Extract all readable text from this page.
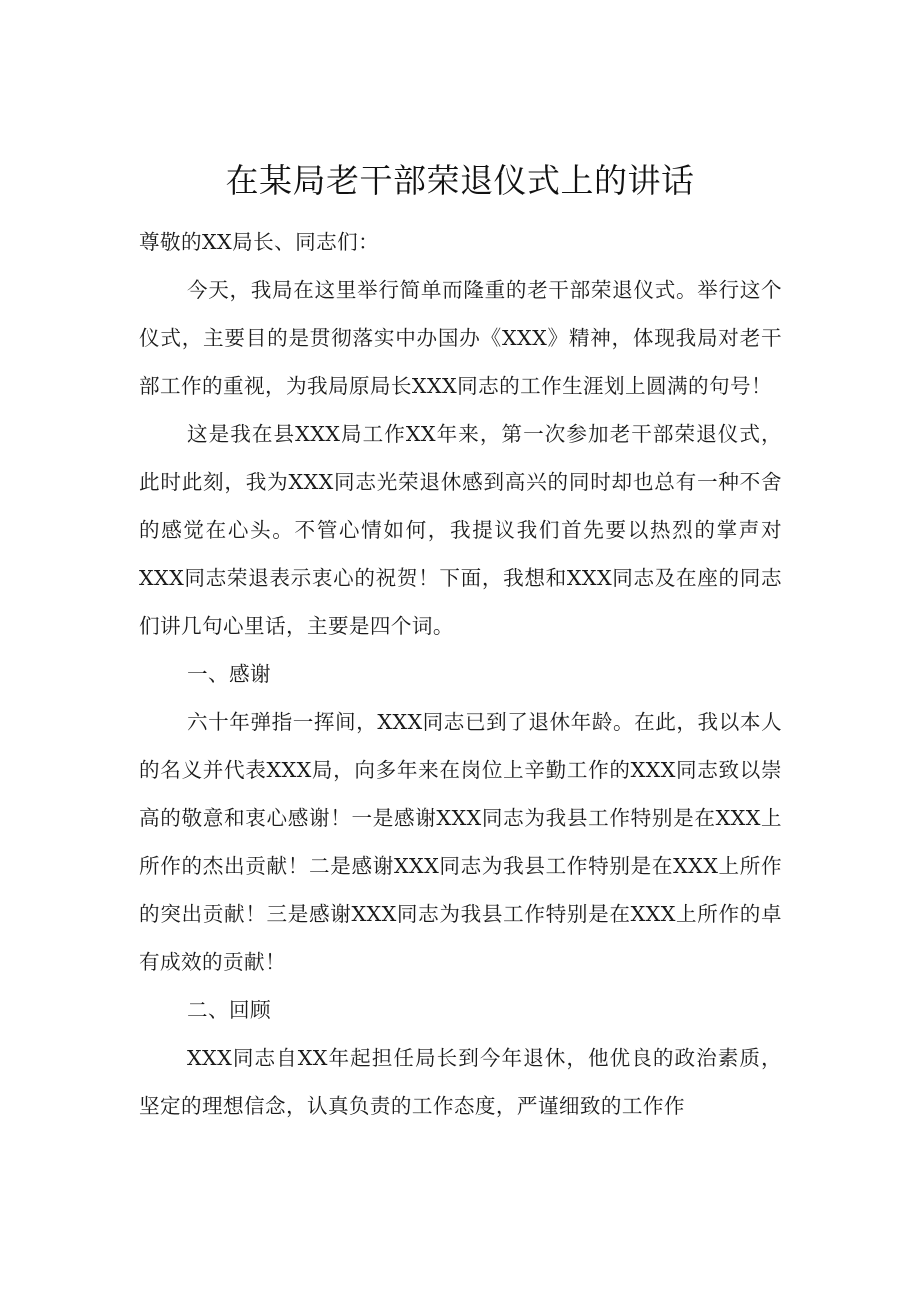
在某局老干部荣退仪式上的讲话

尊敬的XX局长、同志们：

今天，我局在这里举行简单而隆重的老干部荣退仪式。举行这个仪式，主要目的是贯彻落实中办国办《XXX》精神，体现我局对老干部工作的重视，为我局原局长XXX同志的工作生涯划上圆满的句号！

这是我在县XXX局工作XX年来，第一次参加老干部荣退仪式，此时此刻，我为XXX同志光荣退休感到高兴的同时却也总有一种不舍的感觉在心头。不管心情如何，我提议我们首先要以热烈的掌声对XXX同志荣退表示衷心的祝贺！下面，我想和XXX同志及在座的同志们讲几句心里话，主要是四个词。

一、感谢

六十年弹指一挥间，XXX同志已到了退休年龄。在此，我以本人的名义并代表XXX局，向多年来在岗位上辛勤工作的XXX同志致以崇高的敬意和衷心感谢！一是感谢XXX同志为我县工作特别是在XXX上所作的杰出贡献！二是感谢XXX同志为我县工作特别是在XXX上所作的突出贡献！三是感谢XXX同志为我县工作特别是在XXX上所作的卓有成效的贡献！

二、回顾

XXX同志自XX年起担任局长到今年退休，他优良的政治素质，坚定的理想信念，认真负责的工作态度，严谨细致的工作作
